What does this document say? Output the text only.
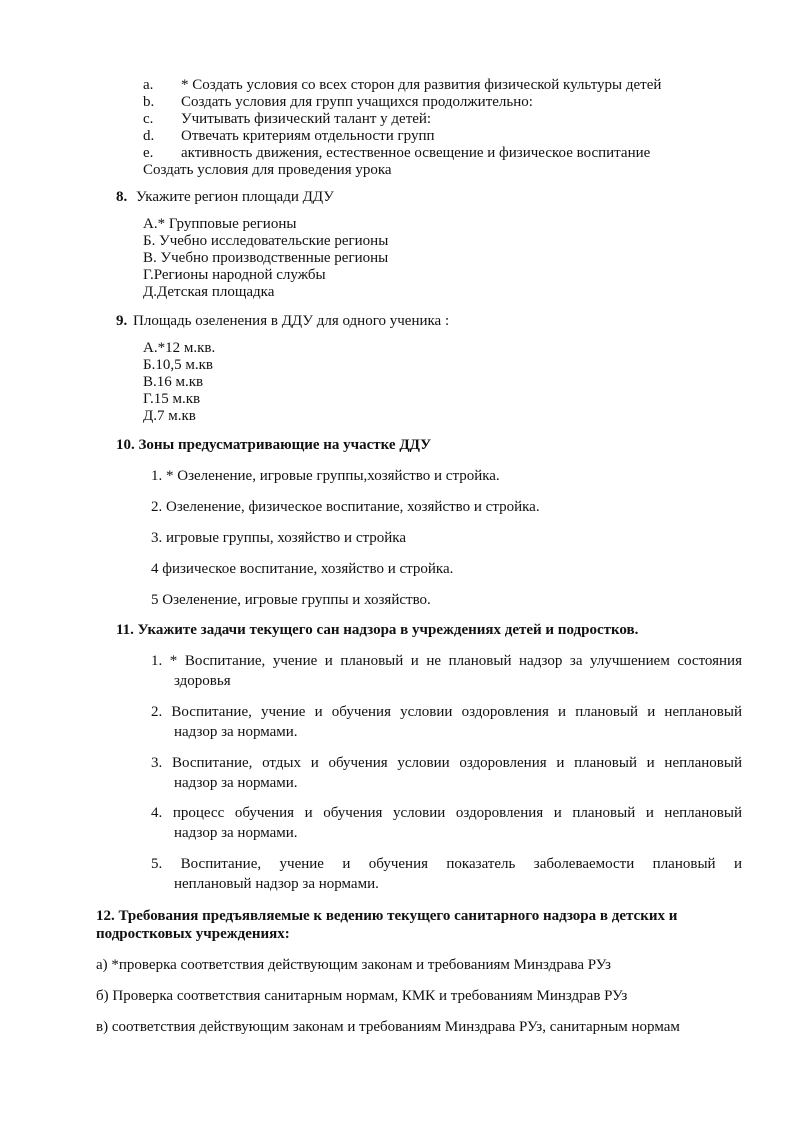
a. * Создать условия со всех сторон для развития физической культуры детей
b. Создать условия для групп учащихся продолжительно:
c. Учитывать физический талант у детей:
d. Отвечать критериям отдельности групп
e. активность движения, естественное освещение и физическое воспитание
Создать условия для проведения урока
8. Укажите регион площади ДДУ
А.* Групповые регионы
Б. Учебно исследовательские регионы
В. Учебно производственные регионы
Г.Регионы народной службы
Д.Детская площадка
9. Площадь озеленения в ДДУ для одного ученика :
А.*12 м.кв.
Б.10,5 м.кв
В.16 м.кв
Г.15 м.кв
Д.7 м.кв
10. Зоны предусматривающие на участке ДДУ
1. * Озеленение, игровые группы,хозяйство и стройка.
2. Озеленение, физическое воспитание, хозяйство и стройка.
3. игровые группы, хозяйство и стройка
4 физическое воспитание, хозяйство и стройка.
5 Озеленение, игровые группы и хозяйство.
11. Укажите задачи текущего сан надзора в учреждениях детей и подростков.
1. * Воспитание, учение и плановый и не плановый надзор за улучшением состояния
здоровья
2. Воспитание, учение и обучения условии оздоровления и плановый и неплановый
надзор за нормами.
3. Воспитание, отдых и обучения условии оздоровления и плановый и неплановый
надзор за нормами.
4. процесс обучения и обучения условии оздоровления и плановый и неплановый
надзор за нормами.
5. Воспитание, учение и обучения показатель заболеваемости плановый и
неплановый надзор за нормами.
12. Требования предъявляемые к ведению текущего санитарного надзора в детских и
подростковых учреждениях:
а) *проверка соответствия действующим законам и требованиям Минздрава РУз
б) Проверка соответствия санитарным нормам, КМК и требованиям Минздрав РУз
в) соответствия действующим законам и требованиям Минздрава РУз, санитарным нормам
